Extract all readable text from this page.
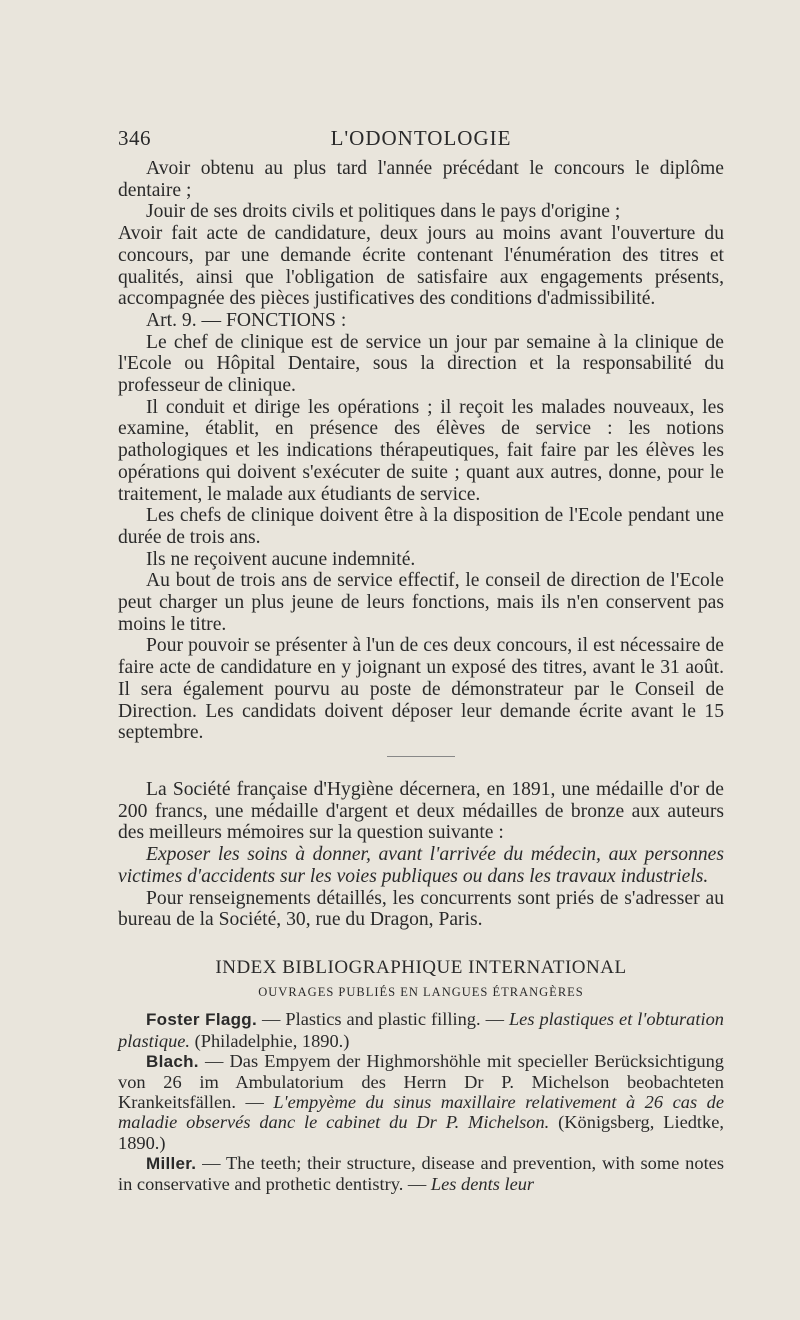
346	L'ODONTOLOGIE

Avoir obtenu au plus tard l'année précédant le concours le diplôme dentaire ;

Jouir de ses droits civils et politiques dans le pays d'origine ;

Avoir fait acte de candidature, deux jours au moins avant l'ouverture du concours, par une demande écrite contenant l'énumération des titres et qualités, ainsi que l'obligation de satisfaire aux engagements présents, accompagnée des pièces justificatives des conditions d'admissibilité.

Art. 9. — FONCTIONS :

Le chef de clinique est de service un jour par semaine à la clinique de l'Ecole ou Hôpital Dentaire, sous la direction et la responsabilité du professeur de clinique.

Il conduit et dirige les opérations ; il reçoit les malades nouveaux, les examine, établit, en présence des élèves de service : les notions pathologiques et les indications thérapeutiques, fait faire par les élèves les opérations qui doivent s'exécuter de suite ; quant aux autres, donne, pour le traitement, le malade aux étudiants de service.

Les chefs de clinique doivent être à la disposition de l'Ecole pendant une durée de trois ans.

Ils ne reçoivent aucune indemnité.

Au bout de trois ans de service effectif, le conseil de direction de l'Ecole peut charger un plus jeune de leurs fonctions, mais ils n'en conservent pas moins le titre.

Pour pouvoir se présenter à l'un de ces deux concours, il est nécessaire de faire acte de candidature en y joignant un exposé des titres, avant le 31 août. Il sera également pourvu au poste de démonstrateur par le Conseil de Direction. Les candidats doivent déposer leur demande écrite avant le 15 septembre.

La Société française d'Hygiène décernera, en 1891, une médaille d'or de 200 francs, une médaille d'argent et deux médailles de bronze aux auteurs des meilleurs mémoires sur la question suivante :

Exposer les soins à donner, avant l'arrivée du médecin, aux personnes victimes d'accidents sur les voies publiques ou dans les travaux industriels.

Pour renseignements détaillés, les concurrents sont priés de s'adresser au bureau de la Société, 30, rue du Dragon, Paris.

INDEX BIBLIOGRAPHIQUE INTERNATIONAL
OUVRAGES PUBLIÉS EN LANGUES ÉTRANGÈRES

Foster Flagg. — Plastics and plastic filling. — Les plastiques et l'obturation plastique. (Philadelphie, 1890.)

Blach. — Das Empyem der Highmorshöhle mit specieller Berücksichtigung von 26 im Ambulatorium des Herrn Dr P. Michelson beobachteten Krankeitsfällen. — L'empyème du sinus maxillaire relativement à 26 cas de maladie observés danc le cabinet du Dr P. Michelson. (Königsberg, Liedtke, 1890.)

Miller. — The teeth; their structure, disease and prevention, with some notes in conservative and prothetic dentistry. — Les dents leur
